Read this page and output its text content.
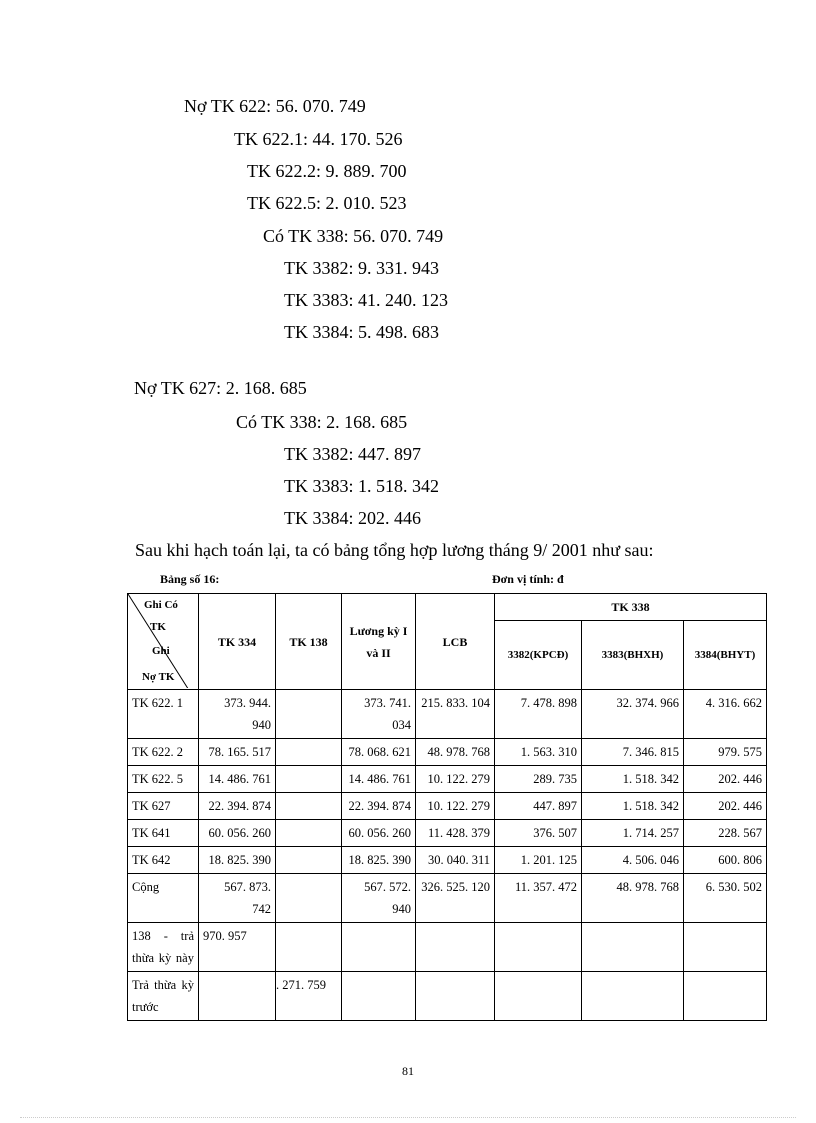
Nợ TK 622: 56. 070. 749
TK 622.1: 44. 170. 526
TK 622.2: 9. 889. 700
TK 622.5: 2. 010. 523
Có TK 338: 56. 070. 749
TK 3382: 9. 331. 943
TK 3383: 41. 240. 123
TK 3384: 5. 498. 683
Nợ TK 627: 2. 168. 685
Có TK 338: 2. 168. 685
TK 3382: 447. 897
TK 3383: 1. 518. 342
TK 3384: 202. 446
Sau khi hạch toán lại, ta có bảng tổng hợp lương tháng 9/ 2001 như sau:
Bảng số 16:	Đơn vị tính: đ
Ghi Có
TK
Ghi
Nợ TK	TK 334	TK 138	Lương kỳ I và II	LCB	TK 338		
					3382(KPCĐ)	3383(BHXH)	3384(BHYT)
TK 622. 1	373. 944. 940		373. 741. 034	215. 833. 104	7. 478. 898	32. 374. 966	4. 316. 662
TK 622. 2	78. 165. 517		78. 068. 621	48. 978. 768	1. 563. 310	7. 346. 815	979. 575
TK 622. 5	14. 486. 761		14. 486. 761	10. 122. 279	289. 735	1. 518. 342	202. 446
TK 627	22. 394. 874		22. 394. 874	10. 122. 279	447. 897	1. 518. 342	202. 446
TK 641	60. 056. 260		60. 056. 260	11. 428. 379	376. 507	1. 714. 257	228. 567
TK 642	18. 825. 390		18. 825. 390	30. 040. 311	1. 201. 125	4. 506. 046	600. 806
Cộng	567. 873. 742		567. 572. 940	326. 525. 120	11. 357. 472	48. 978. 768	6. 530. 502
138 - trả thừa kỳ này	970. 957						
Trả thừa kỳ trước		. 271. 759					
81
